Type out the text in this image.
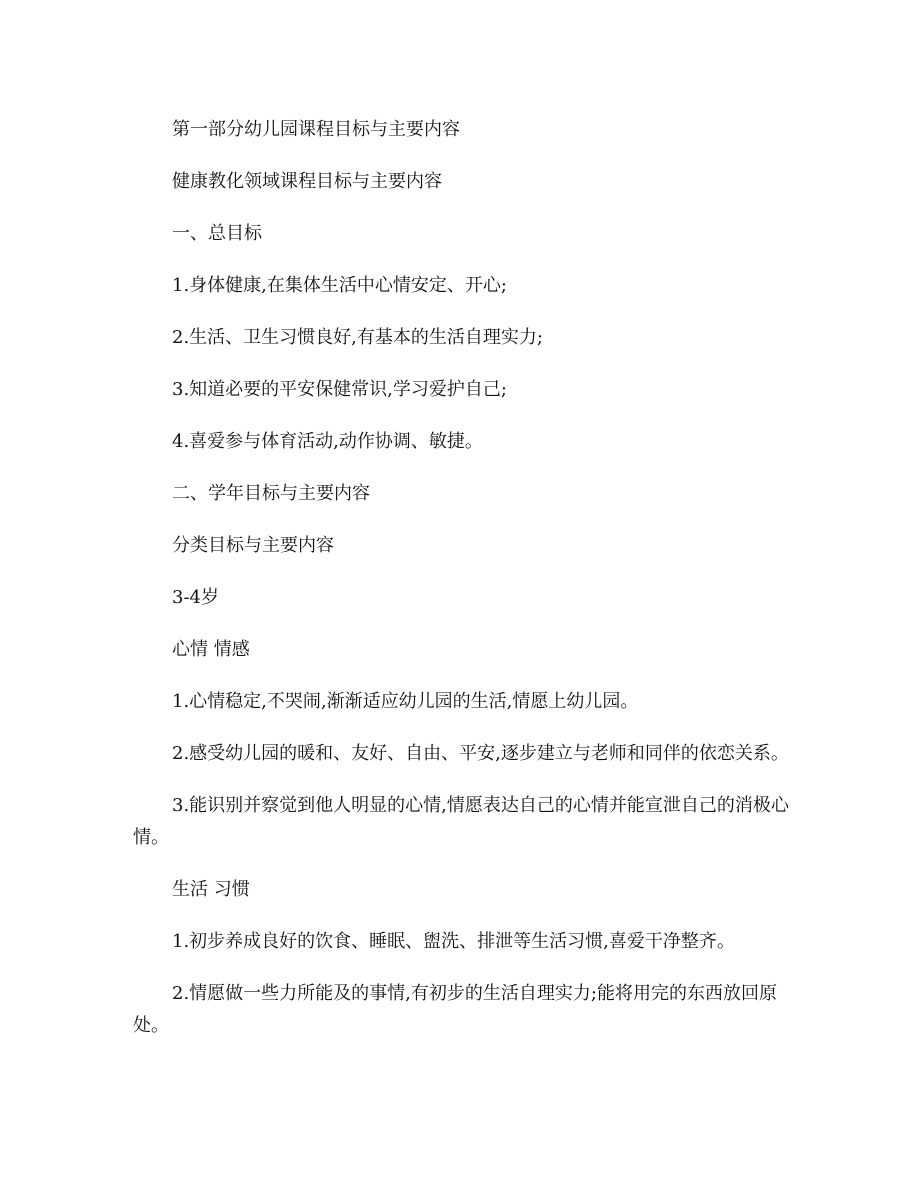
第一部分幼儿园课程目标与主要内容
健康教化领域课程目标与主要内容
一、总目标
1.身体健康,在集体生活中心情安定、开心;
2.生活、卫生习惯良好,有基本的生活自理实力;
3.知道必要的平安保健常识,学习爱护自己;
4.喜爱参与体育活动,动作协调、敏捷。
二、学年目标与主要内容
分类目标与主要内容
3-4岁
心情 情感
1.心情稳定,不哭闹,渐渐适应幼儿园的生活,情愿上幼儿园。
2.感受幼儿园的暖和、友好、自由、平安,逐步建立与老师和同伴的依恋关系。
3.能识别并察觉到他人明显的心情,情愿表达自己的心情并能宣泄自己的消极心
情。
生活 习惯
1.初步养成良好的饮食、睡眠、盥洗、排泄等生活习惯,喜爱干净整齐。
2.情愿做一些力所能及的事情,有初步的生活自理实力;能将用完的东西放回原
处。
